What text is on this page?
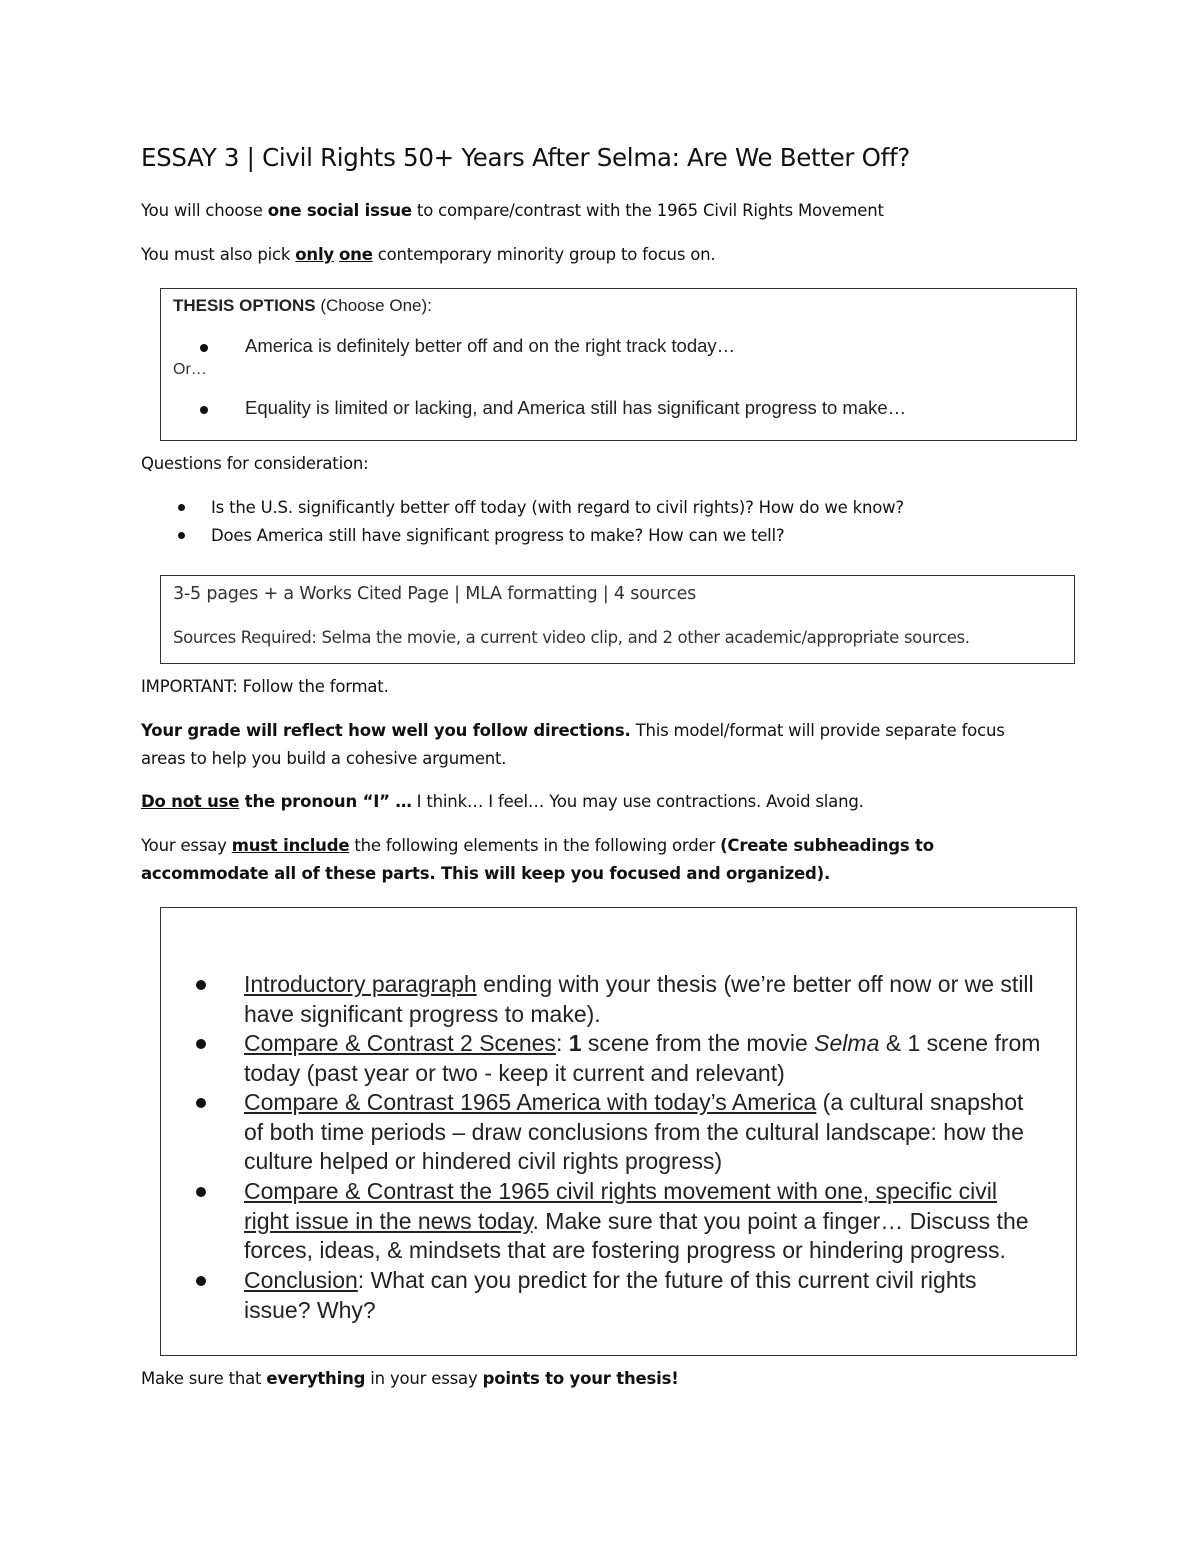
ESSAY 3 | Civil Rights 50+ Years After Selma: Are We Better Off?
You will choose one social issue to compare/contrast with the 1965 Civil Rights Movement
You must also pick only one contemporary minority group to focus on.
THESIS OPTIONS (Choose One):
America is definitely better off and on the right track today…
Or…
Equality is limited or lacking, and America still has significant progress to make…
Questions for consideration:
Is the U.S. significantly better off today (with regard to civil rights)? How do we know?
Does America still have significant progress to make? How can we tell?
3-5 pages + a Works Cited Page | MLA formatting | 4 sources
Sources Required: Selma the movie, a current video clip, and 2 other academic/appropriate sources.
IMPORTANT: Follow the format.
Your grade will reflect how well you follow directions. This model/format will provide separate focus
areas to help you build a cohesive argument.
Do not use the pronoun “I” … I think… I feel… You may use contractions. Avoid slang.
Your essay must include the following elements in the following order (Create subheadings to
accommodate all of these parts. This will keep you focused and organized).
Introductory paragraph ending with your thesis (we’re better off now or we still
have significant progress to make).
Compare & Contrast 2 Scenes: 1 scene from the movie Selma & 1 scene from
today (past year or two - keep it current and relevant)
Compare & Contrast 1965 America with today’s America (a cultural snapshot
of both time periods – draw conclusions from the cultural landscape: how the
culture helped or hindered civil rights progress)
Compare & Contrast the 1965 civil rights movement with one, specific civil
right issue in the news today. Make sure that you point a finger… Discuss the
forces, ideas, & mindsets that are fostering progress or hindering progress.
Conclusion: What can you predict for the future of this current civil rights
issue? Why?
Make sure that everything in your essay points to your thesis!
